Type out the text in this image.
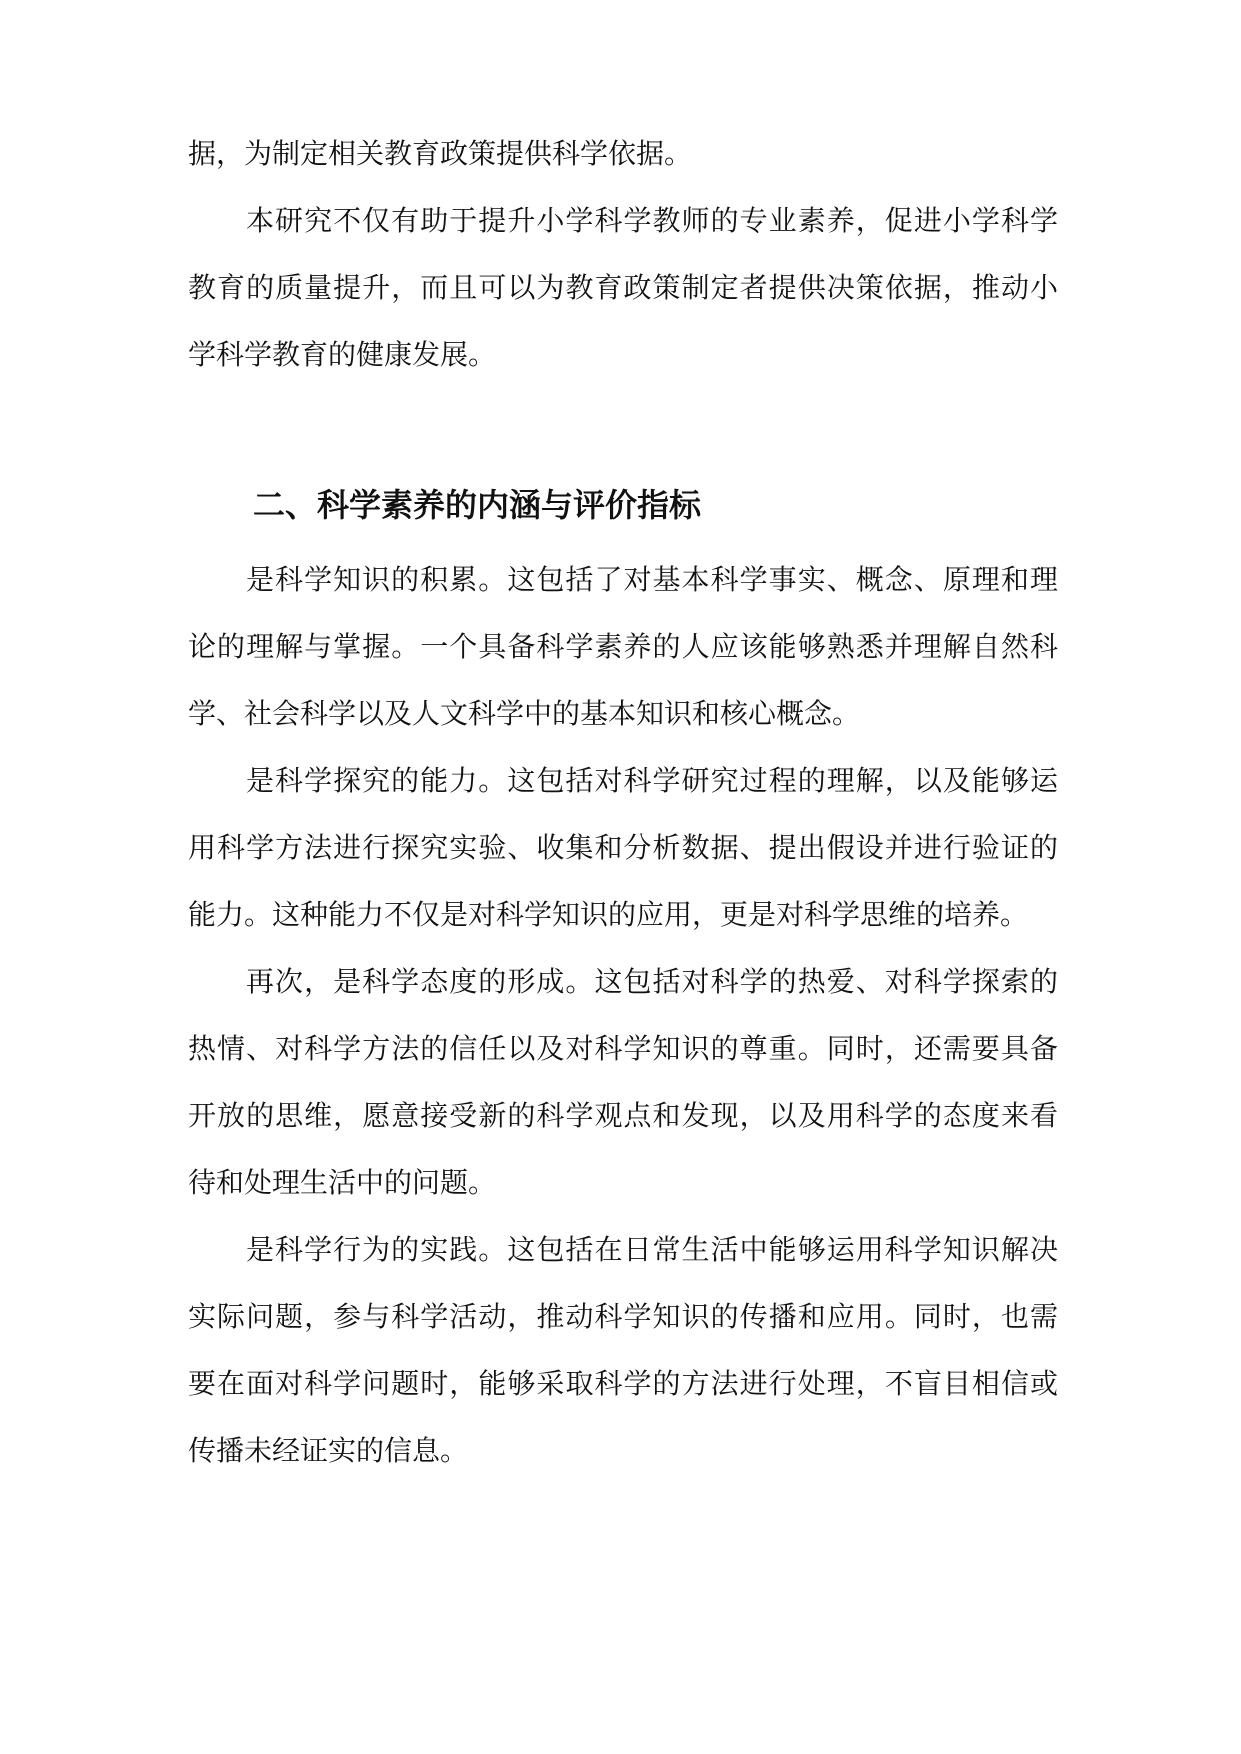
据，为制定相关教育政策提供科学依据。
本研究不仅有助于提升小学科学教师的专业素养，促进小学科学
教育的质量提升，而且可以为教育政策制定者提供决策依据，推动小
学科学教育的健康发展。
二、科学素养的内涵与评价指标
是科学知识的积累。这包括了对基本科学事实、概念、原理和理
论的理解与掌握。一个具备科学素养的人应该能够熟悉并理解自然科
学、社会科学以及人文科学中的基本知识和核心概念。
是科学探究的能力。这包括对科学研究过程的理解，以及能够运
用科学方法进行探究实验、收集和分析数据、提出假设并进行验证的
能力。这种能力不仅是对科学知识的应用，更是对科学思维的培养。
再次，是科学态度的形成。这包括对科学的热爱、对科学探索的
热情、对科学方法的信任以及对科学知识的尊重。同时，还需要具备
开放的思维，愿意接受新的科学观点和发现，以及用科学的态度来看
待和处理生活中的问题。
是科学行为的实践。这包括在日常生活中能够运用科学知识解决
实际问题，参与科学活动，推动科学知识的传播和应用。同时，也需
要在面对科学问题时，能够采取科学的方法进行处理，不盲目相信或
传播未经证实的信息。
